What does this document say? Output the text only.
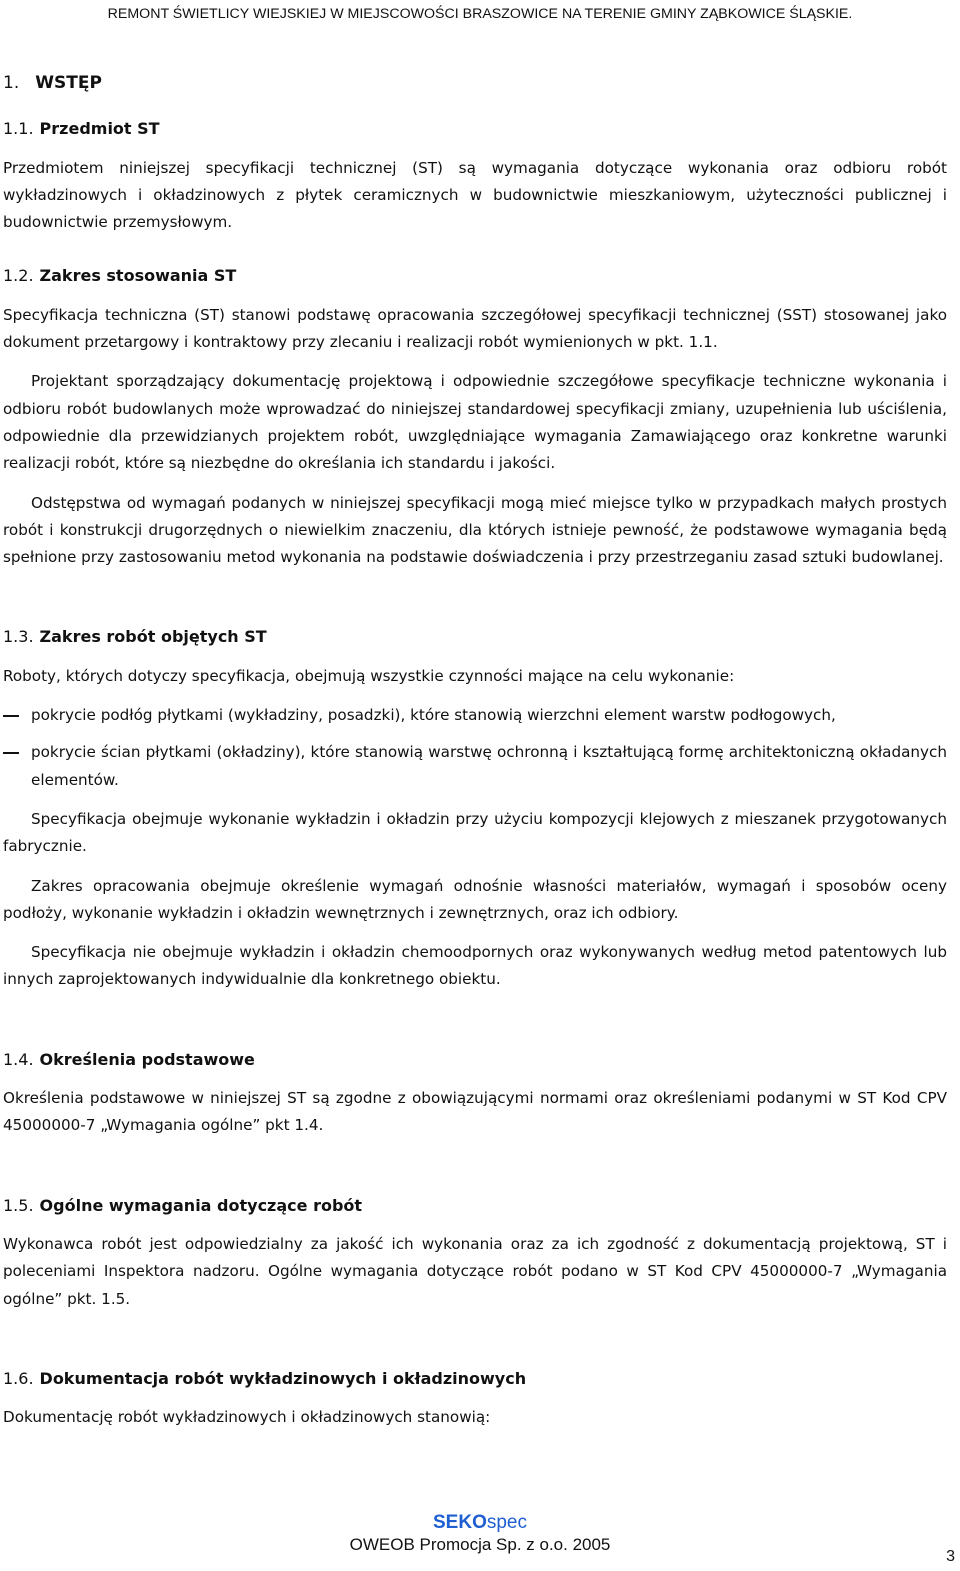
REMONT ŚWIETLICY WIEJSKIEJ W MIEJSCOWOŚCI BRASZOWICE NA TERENIE GMINY ZĄBKOWICE ŚLĄSKIE.
1. WSTĘP
1.1. Przedmiot ST

Przedmiotem niniejszej specyfikacji technicznej (ST) są wymagania dotyczące wykonania oraz odbioru robót wykładzinowych i okładzinowych z płytek ceramicznych w budownictwie mieszkaniowym, użyteczności publicznej i budownictwie przemysłowym.

1.2. Zakres stosowania ST

Specyfikacja techniczna (ST) stanowi podstawę opracowania szczegółowej specyfikacji technicznej (SST) stosowanej jako dokument przetargowy i kontraktowy przy zlecaniu i realizacji robót wymienionych w pkt. 1.1.

Projektant sporządzający dokumentację projektową i odpowiednie szczegółowe specyfikacje techniczne wykonania i odbioru robót budowlanych może wprowadzać do niniejszej standardowej specyfikacji zmiany, uzupełnienia lub uściślenia, odpowiednie dla przewidzianych projektem robót, uwzględniające wymagania Zamawiającego oraz konkretne warunki realizacji robót, które są niezbędne do określania ich standardu i jakości.

Odstępstwa od wymagań podanych w niniejszej specyfikacji mogą mieć miejsce tylko w przypadkach małych prostych robót i konstrukcji drugorzędnych o niewielkim znaczeniu, dla których istnieje pewność, że podstawowe wymagania będą spełnione przy zastosowaniu metod wykonania na podstawie doświadczenia i przy przestrzeganiu zasad sztuki budowlanej.

1.3. Zakres robót objętych ST

Roboty, których dotyczy specyfikacja, obejmują wszystkie czynności mające na celu wykonanie:

pokrycie podłóg płytkami (wykładziny, posadzki), które stanowią wierzchni element warstw podłogowych,
pokrycie ścian płytkami (okładziny), które stanowią warstwę ochronną i kształtującą formę architektoniczną okładanych elementów.

Specyfikacja obejmuje wykonanie wykładzin i okładzin przy użyciu kompozycji klejowych z mieszanek przygotowanych fabrycznie.

Zakres opracowania obejmuje określenie wymagań odnośnie własności materiałów, wymagań i sposobów oceny podłoży, wykonanie wykładzin i okładzin wewnętrznych i zewnętrznych, oraz ich odbiory.

Specyfikacja nie obejmuje wykładzin i okładzin chemoodpornych oraz wykonywanych według metod patentowych lub innych zaprojektowanych indywidualnie dla konkretnego obiektu.

1.4. Określenia podstawowe

Określenia podstawowe w niniejszej ST są zgodne z obowiązującymi normami oraz określeniami podanymi w ST Kod CPV 45000000-7 „Wymagania ogólne” pkt 1.4.

1.5. Ogólne wymagania dotyczące robót

Wykonawca robót jest odpowiedzialny za jakość ich wykonania oraz za ich zgodność z dokumentacją projektową, ST i poleceniami Inspektora nadzoru. Ogólne wymagania dotyczące robót podano w ST Kod CPV 45000000-7 „Wymagania ogólne” pkt. 1.5.

1.6. Dokumentacja robót wykładzinowych i okładzinowych

Dokumentację robót wykładzinowych i okładzinowych stanowią:

SEKOspec
OWEOB Promocja Sp. z o.o. 2005
3
